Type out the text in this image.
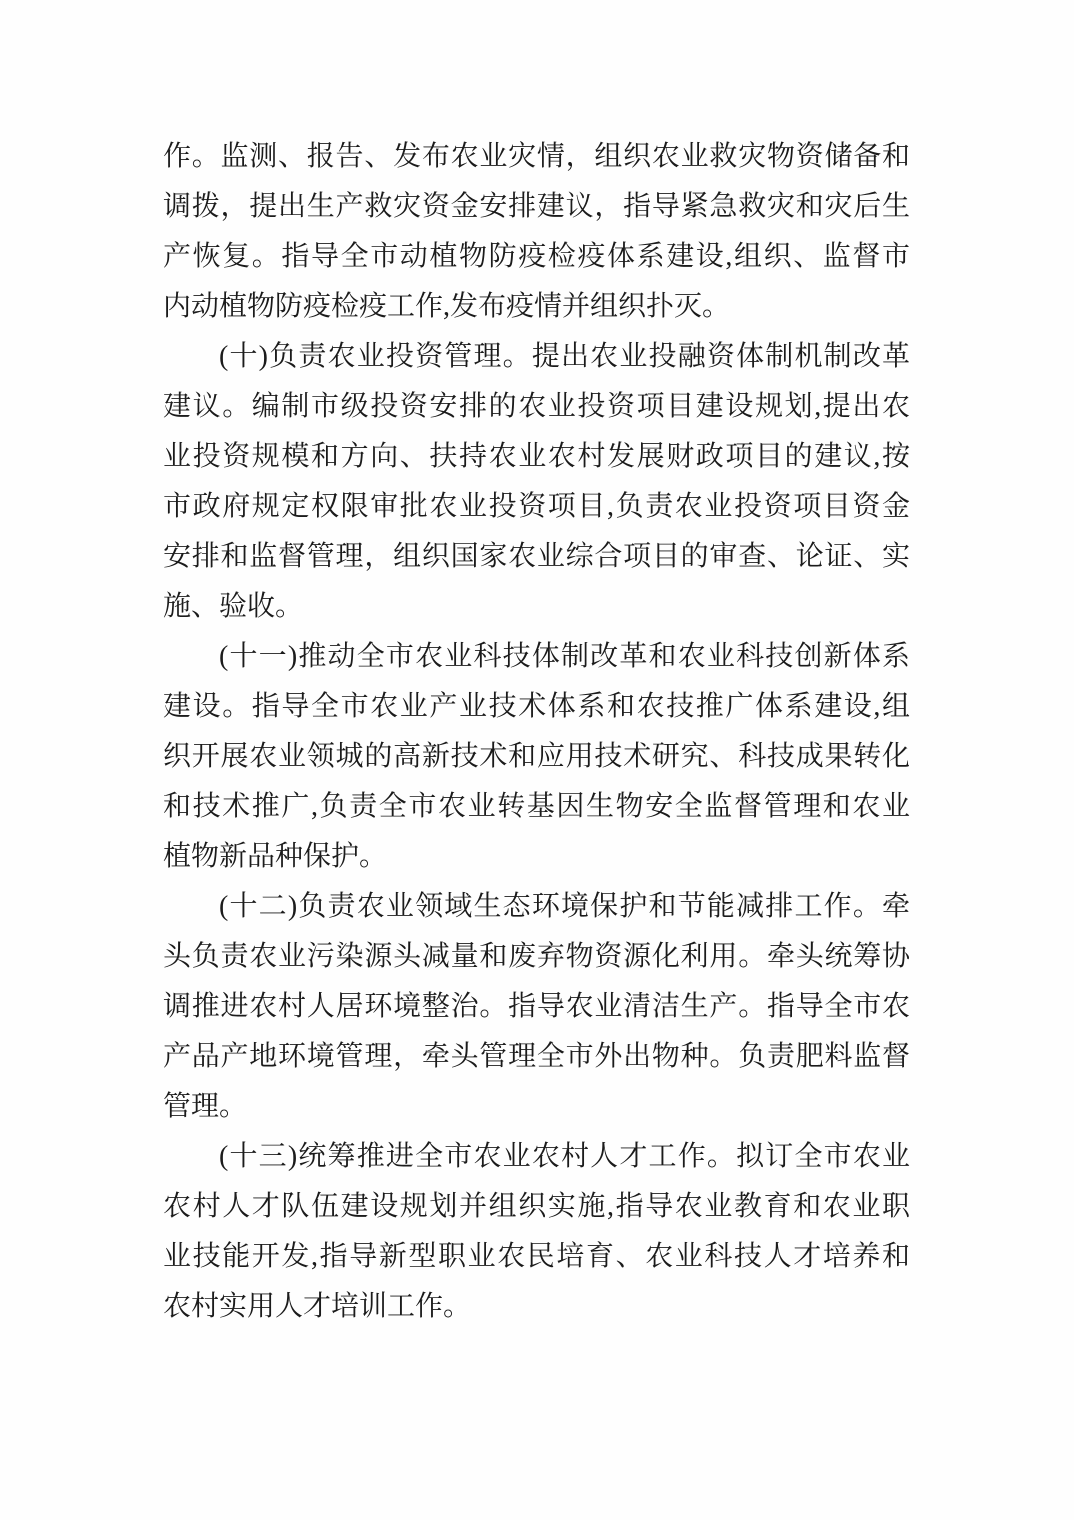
作。监测、报告、发布农业灾情，组织农业救灾物资储备和
调拨，提出生产救灾资金安排建议，指导紧急救灾和灾后生
产恢复。指导全市动植物防疫检疫体系建设,组织、监督市
内动植物防疫检疫工作,发布疫情并组织扑灭。
(十)负责农业投资管理。提出农业投融资体制机制改革
建议。编制市级投资安排的农业投资项目建设规划,提出农
业投资规模和方向、扶持农业农村发展财政项目的建议,按
市政府规定权限审批农业投资项目,负责农业投资项目资金
安排和监督管理，组织国家农业综合项目的审查、论证、实
施、验收。
(十一)推动全市农业科技体制改革和农业科技创新体系
建设。指导全市农业产业技术体系和农技推广体系建设,组
织开展农业领城的高新技术和应用技术研究、科技成果转化
和技术推广,负责全市农业转基因生物安全监督管理和农业
植物新品种保护。
(十二)负责农业领域生态环境保护和节能减排工作。牵
头负责农业污染源头减量和废弃物资源化利用。牵头统筹协
调推进农村人居环境整治。指导农业清洁生产。指导全市农
产品产地环境管理，牵头管理全市外出物种。负责肥料监督
管理。
(十三)统筹推进全市农业农村人才工作。拟订全市农业
农村人才队伍建设规划并组织实施,指导农业教育和农业职
业技能开发,指导新型职业农民培育、农业科技人才培养和
农村实用人才培训工作。
